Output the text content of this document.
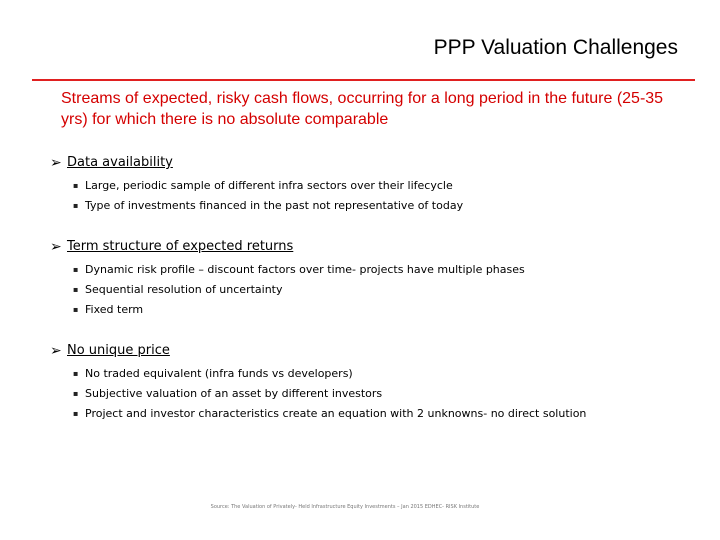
PPP Valuation Challenges
Streams of expected, risky cash flows, occurring for a long period in the future (25-35 yrs) for which there is no absolute comparable
➢ Data availability
▪ Large, periodic sample of different infra sectors over their lifecycle
▪ Type of investments financed in the past not representative of today
➢ Term structure of expected returns
▪ Dynamic risk profile – discount factors over time- projects have multiple phases
▪ Sequential resolution of uncertainty
▪ Fixed term
➢ No unique price
▪ No traded equivalent (infra funds vs developers)
▪ Subjective valuation of an asset by different investors
▪ Project and investor characteristics create an equation with 2 unknowns- no direct solution
Source: The Valuation of Privately- Held Infrastructure Equity Investments – Jan 2015 EDHEC- RISK Institute
